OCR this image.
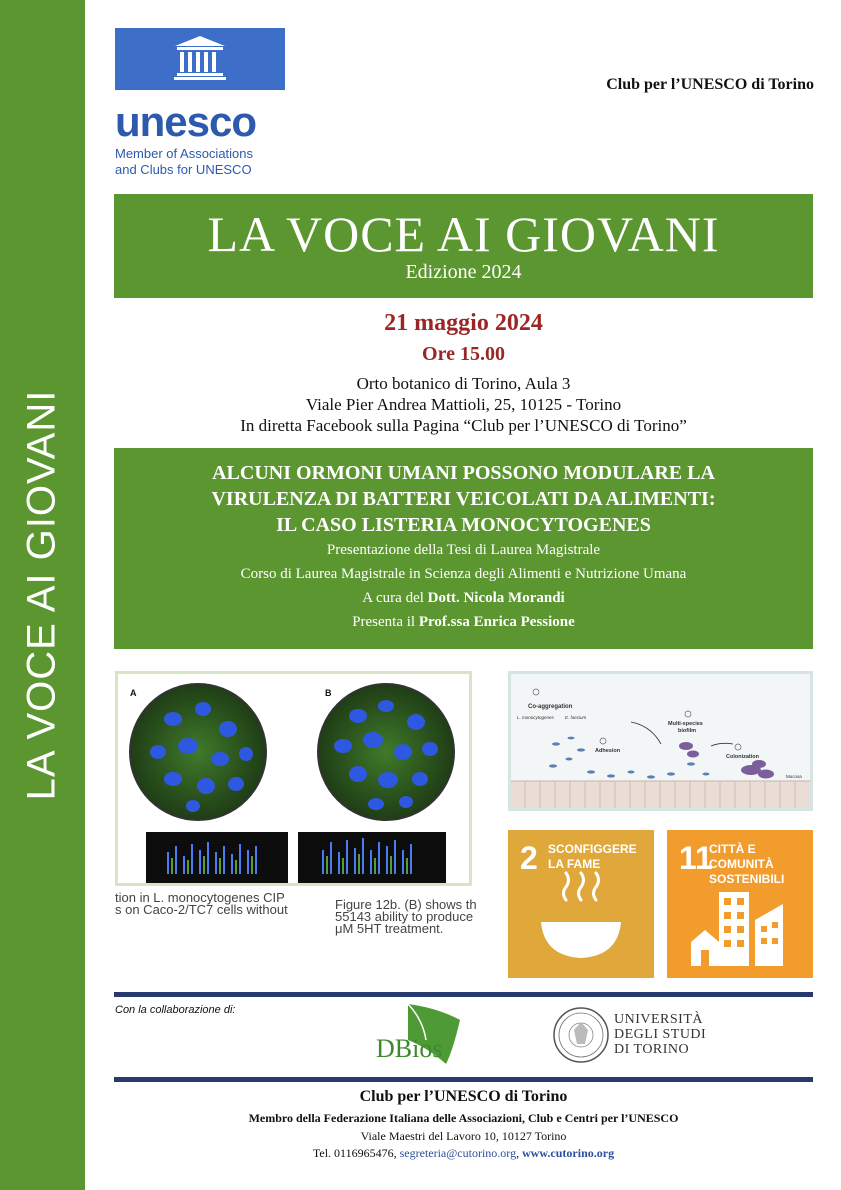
LA VOCE AI GIOVANI
unesco
Member of Associations
and Clubs for UNESCO
Club per l’UNESCO di Torino
LA VOCE AI GIOVANI
Edizione 2024
21 maggio 2024
Ore 15.00
Orto botanico di Torino, Aula 3
Viale Pier Andrea Mattioli, 25, 10125 - Torino
In diretta Facebook sulla Pagina “Club per l’UNESCO di Torino”
ALCUNI ORMONI UMANI POSSONO MODULARE LA
VIRULENZA DI BATTERI VEICOLATI DA ALIMENTI:
IL CASO LISTERIA MONOCYTOGENES
Presentazione della Tesi di Laurea Magistrale
Corso di Laurea Magistrale in Scienza degli Alimenti e Nutrizione Umana
A cura del Dott. Nicola Morandi
Presenta il Prof.ssa Enrica Pessione
A	B
tion in L. monocytogenes CIP
s on Caco-2/TC7 cells without	Figure 12b. (B) shows th
55143 ability to produce
μM 5HT treatment.
Co-aggregation
L. monocytogenes E. faecium
Multi-species
biofilm
Adhesion
Colonization
Mucosa
2 SCONFIGGERE
LA FAME	11
CITTÀ E COMUNITÀ
SOSTENIBILI
Con la collaborazione di:
DBios
UNIVERSITÀ
DEGLI STUDI
DI TORINO
Club per l’UNESCO di Torino
Membro della Federazione Italiana delle Associazioni, Club e Centri per l’UNESCO
Viale Maestri del Lavoro 10, 10127 Torino
Tel. 0116965476, segreteria@cutorino.org, www.cutorino.org
